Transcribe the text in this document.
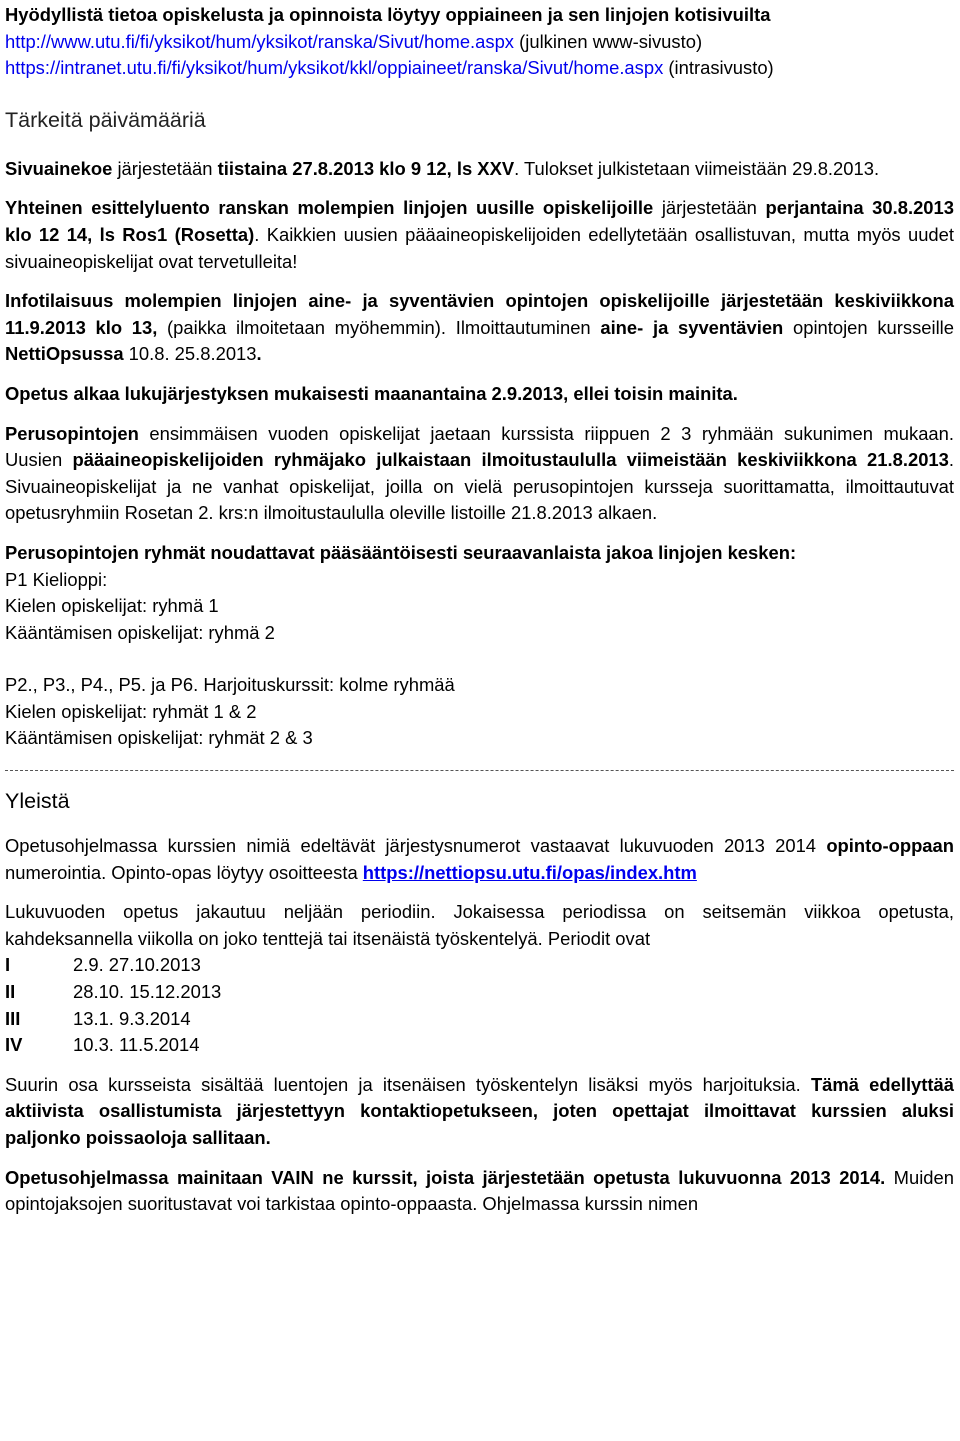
Hyödyllistä tietoa opiskelusta ja opinnoista löytyy oppiaineen ja sen linjojen kotisivuilta

http://www.utu.fi/fi/yksikot/hum/yksikot/ranska/Sivut/home.aspx (julkinen www-sivusto)

https://intranet.utu.fi/fi/yksikot/hum/yksikot/kkl/oppiaineet/ranska/Sivut/home.aspx (intrasivusto)

Tärkeitä päivämääriä

Sivuainekoe järjestetään tiistaina 27.8.2013 klo 9 12, ls XXV. Tulokset julkistetaan viimeistään 29.8.2013.

Yhteinen esittelyluento ranskan molempien linjojen uusille opiskelijoille järjestetään perjantaina 30.8.2013 klo 12 14, ls Ros1 (Rosetta). Kaikkien uusien pääaineopiskelijoiden edellytetään osallistuvan, mutta myös uudet sivuaineopiskelijat ovat tervetulleita!

Infotilaisuus molempien linjojen aine- ja syventävien opintojen opiskelijoille järjestetään keskiviikkona 11.9.2013 klo 13, (paikka ilmoitetaan myöhemmin). Ilmoittautuminen aine- ja syventävien opintojen kursseille NettiOpsussa 10.8. 25.8.2013.

Opetus alkaa lukujärjestyksen mukaisesti maanantaina 2.9.2013, ellei toisin mainita.

Perusopintojen ensimmäisen vuoden opiskelijat jaetaan kurssista riippuen 2 3 ryhmään sukunimen mukaan. Uusien pääaineopiskelijoiden ryhmäjako julkaistaan ilmoitustaululla viimeistään keskiviikkona 21.8.2013. Sivuaineopiskelijat ja ne vanhat opiskelijat, joilla on vielä perusopintojen kursseja suorittamatta, ilmoittautuvat opetusryhmiin Rosetan 2. krs:n ilmoitustaululla oleville listoille 21.8.2013 alkaen.

Perusopintojen ryhmät noudattavat pääsääntöisesti seuraavanlaista jakoa linjojen kesken:

P1 Kielioppi:
Kielen opiskelijat: ryhmä 1
Kääntämisen opiskelijat: ryhmä 2
P2., P3., P4., P5. ja P6. Harjoituskurssit: kolme ryhmää
Kielen opiskelijat: ryhmät 1 & 2
Kääntämisen opiskelijat: ryhmät 2 & 3
Yleistä

Opetusohjelmassa kurssien nimiä edeltävät järjestysnumerot vastaavat lukuvuoden 2013 2014 opinto-oppaan numerointia. Opinto-opas löytyy osoitteesta https://nettiopsu.utu.fi/opas/index.htm

Lukuvuoden opetus jakautuu neljään periodiin. Jokaisessa periodissa on seitsemän viikkoa opetusta, kahdeksannella viikolla on joko tenttejä tai itsenäistä työskentelyä. Periodit ovat

I	2.9. 27.10.2013
II	28.10. 15.12.2013
III	13.1. 9.3.2014
IV	10.3. 11.5.2014

Suurin osa kursseista sisältää luentojen ja itsenäisen työskentelyn lisäksi myös harjoituksia. Tämä edellyttää aktiivista osallistumista järjestettyyn kontaktiopetukseen, joten opettajat ilmoittavat kurssien aluksi paljonko poissaoloja sallitaan.

Opetusohjelmassa mainitaan VAIN ne kurssit, joista järjestetään opetusta lukuvuonna 2013 2014. Muiden opintojaksojen suoritustavat voi tarkistaa opinto-oppaasta. Ohjelmassa kurssin nimen
